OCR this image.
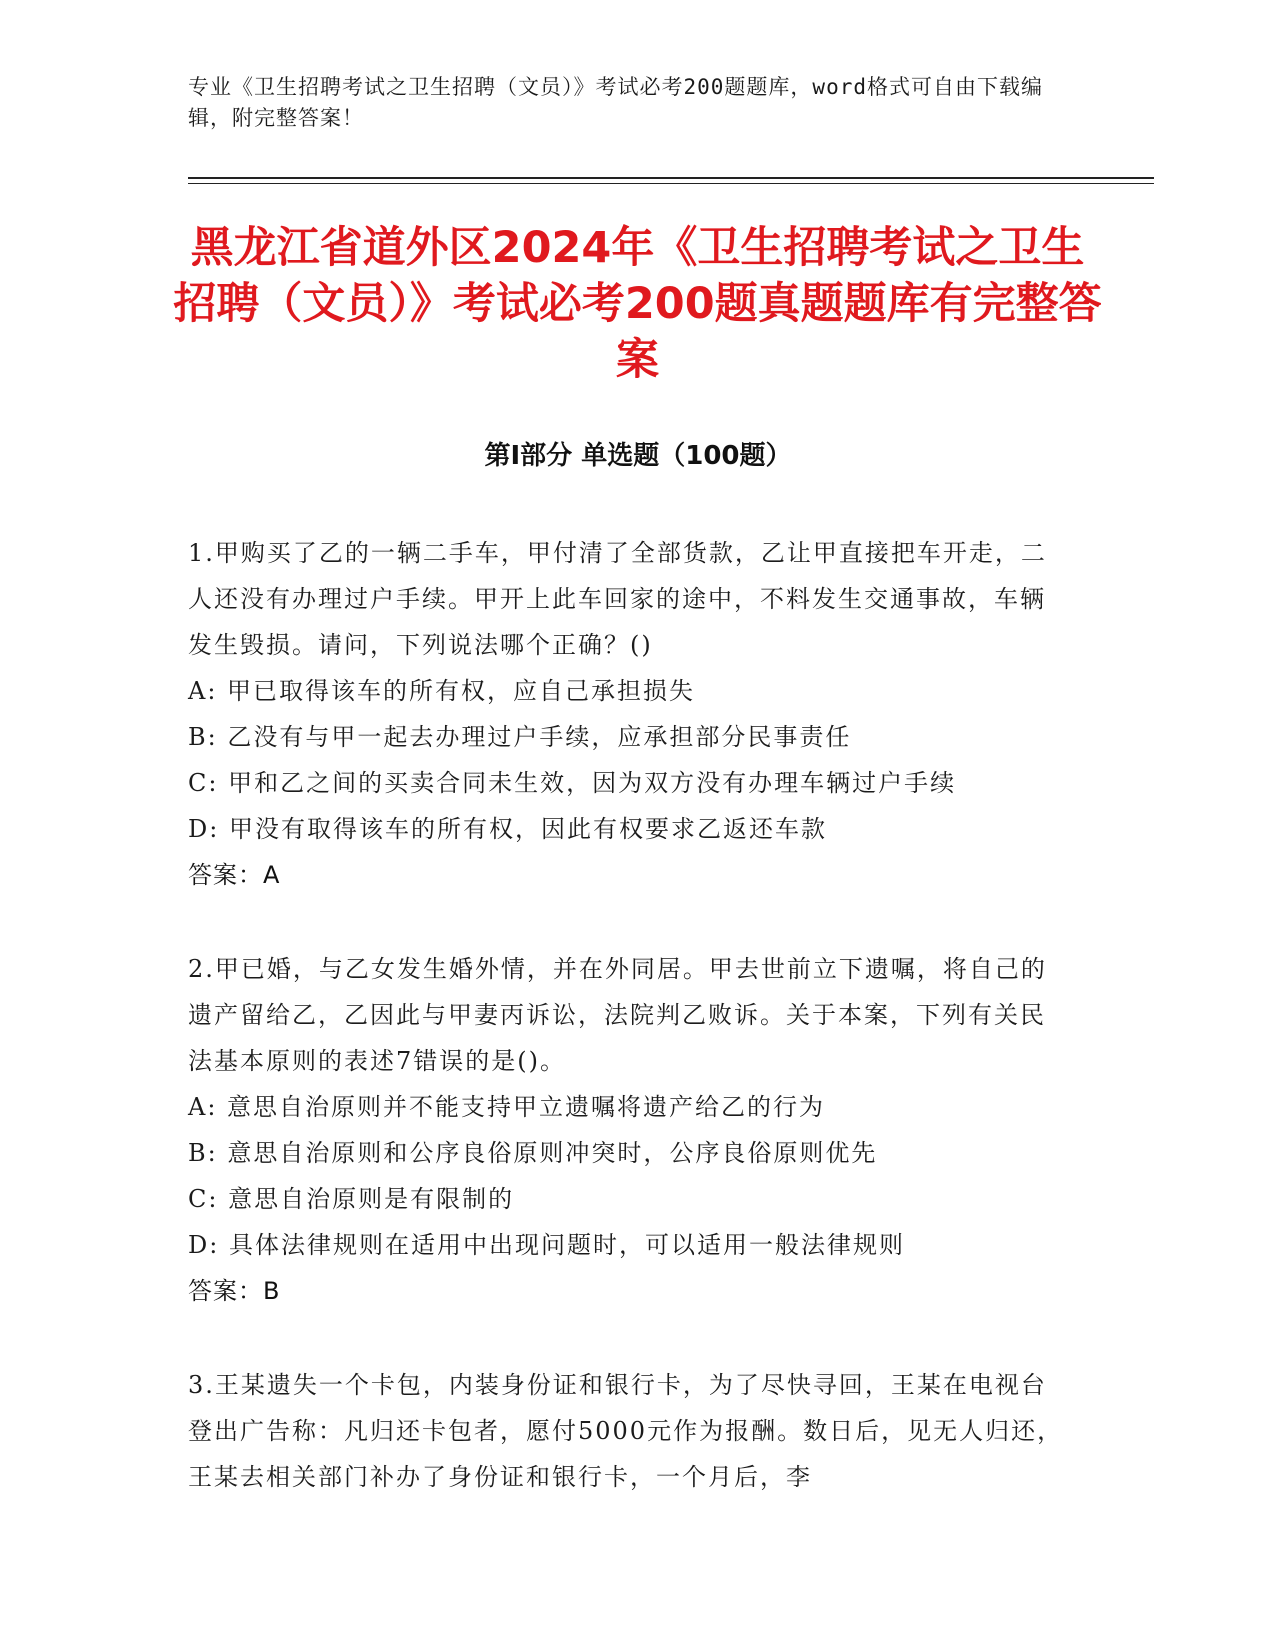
专业《卫生招聘考试之卫生招聘（文员）》考试必考200题题库，word格式可自由下载编辑，附完整答案！
黑龙江省道外区2024年《卫生招聘考试之卫生招聘（文员）》考试必考200题真题题库有完整答案
第Ⅰ部分 单选题（100题）
1.甲购买了乙的一辆二手车，甲付清了全部货款，乙让甲直接把车开走，二人还没有办理过户手续。甲开上此车回家的途中，不料发生交通事故，车辆发生毁损。请问，下列说法哪个正确？()
A: 甲已取得该车的所有权，应自己承担损失
B: 乙没有与甲一起去办理过户手续，应承担部分民事责任
C: 甲和乙之间的买卖合同未生效，因为双方没有办理车辆过户手续
D: 甲没有取得该车的所有权，因此有权要求乙返还车款
答案：A
2.甲已婚，与乙女发生婚外情，并在外同居。甲去世前立下遗嘱，将自己的遗产留给乙，乙因此与甲妻丙诉讼，法院判乙败诉。关于本案，下列有关民法基本原则的表述7错误的是()。
A: 意思自治原则并不能支持甲立遗嘱将遗产给乙的行为
B: 意思自治原则和公序良俗原则冲突时，公序良俗原则优先
C: 意思自治原则是有限制的
D: 具体法律规则在适用中出现问题时，可以适用一般法律规则
答案：B
3.王某遗失一个卡包，内装身份证和银行卡，为了尽快寻回，王某在电视台登出广告称：凡归还卡包者，愿付5000元作为报酬。数日后，见无人归还，王某去相关部门补办了身份证和银行卡，一个月后，李
